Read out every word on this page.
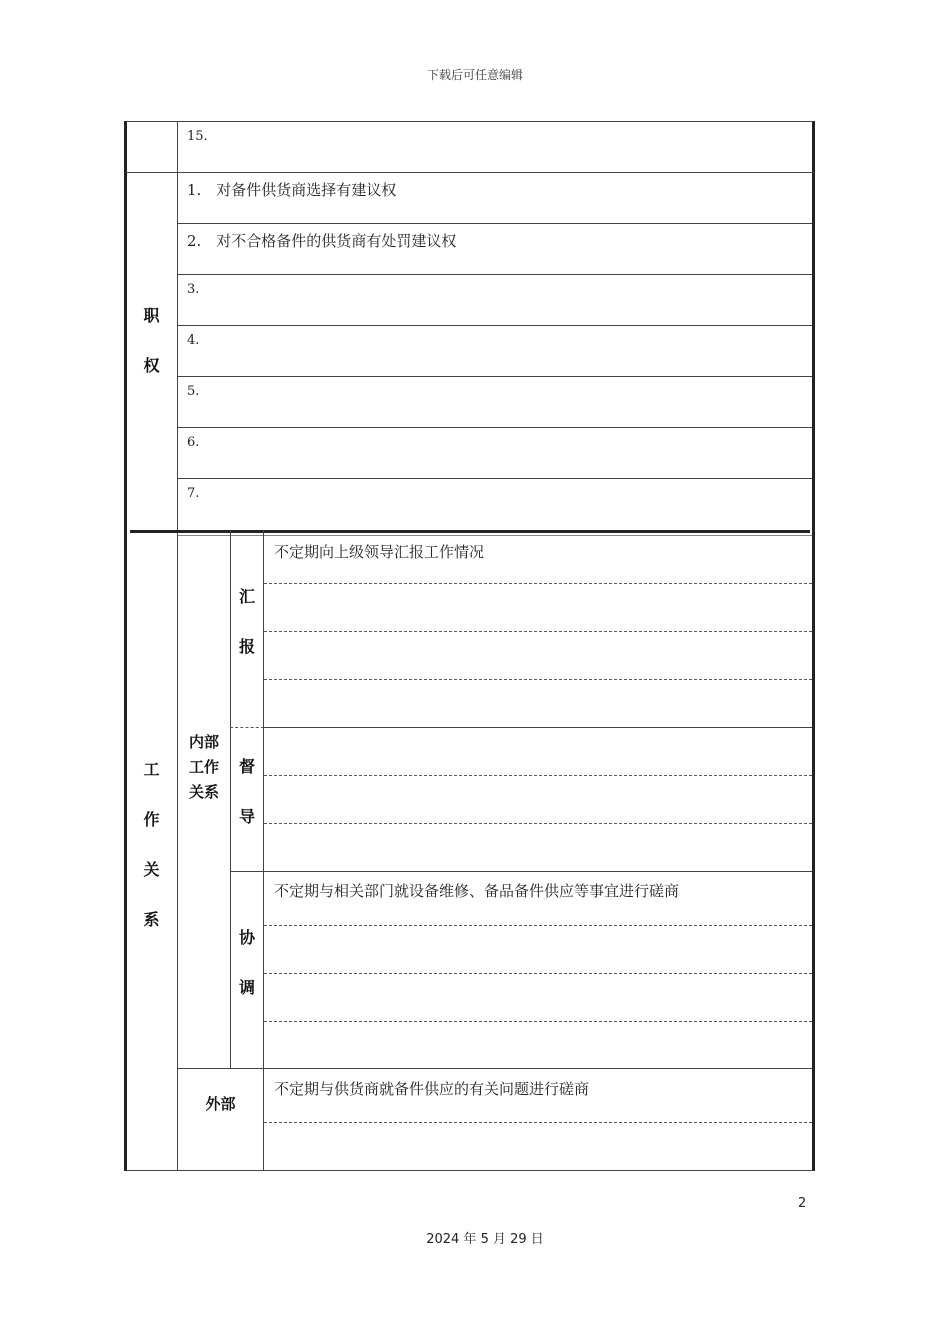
下载后可任意编辑
15.
职
权
1.　对备件供货商选择有建议权
2.　对不合格备件的供货商有处罚建议权
3.
4.
5.
6.
7.
工
作
关
系
内部
工作
关系
汇
报
不定期向上级领导汇报工作情况
督
导
协
调
不定期与相关部门就设备维修、备品备件供应等事宜进行磋商
外部
不定期与供货商就备件供应的有关问题进行磋商
2
2024 年 5 月 29 日
